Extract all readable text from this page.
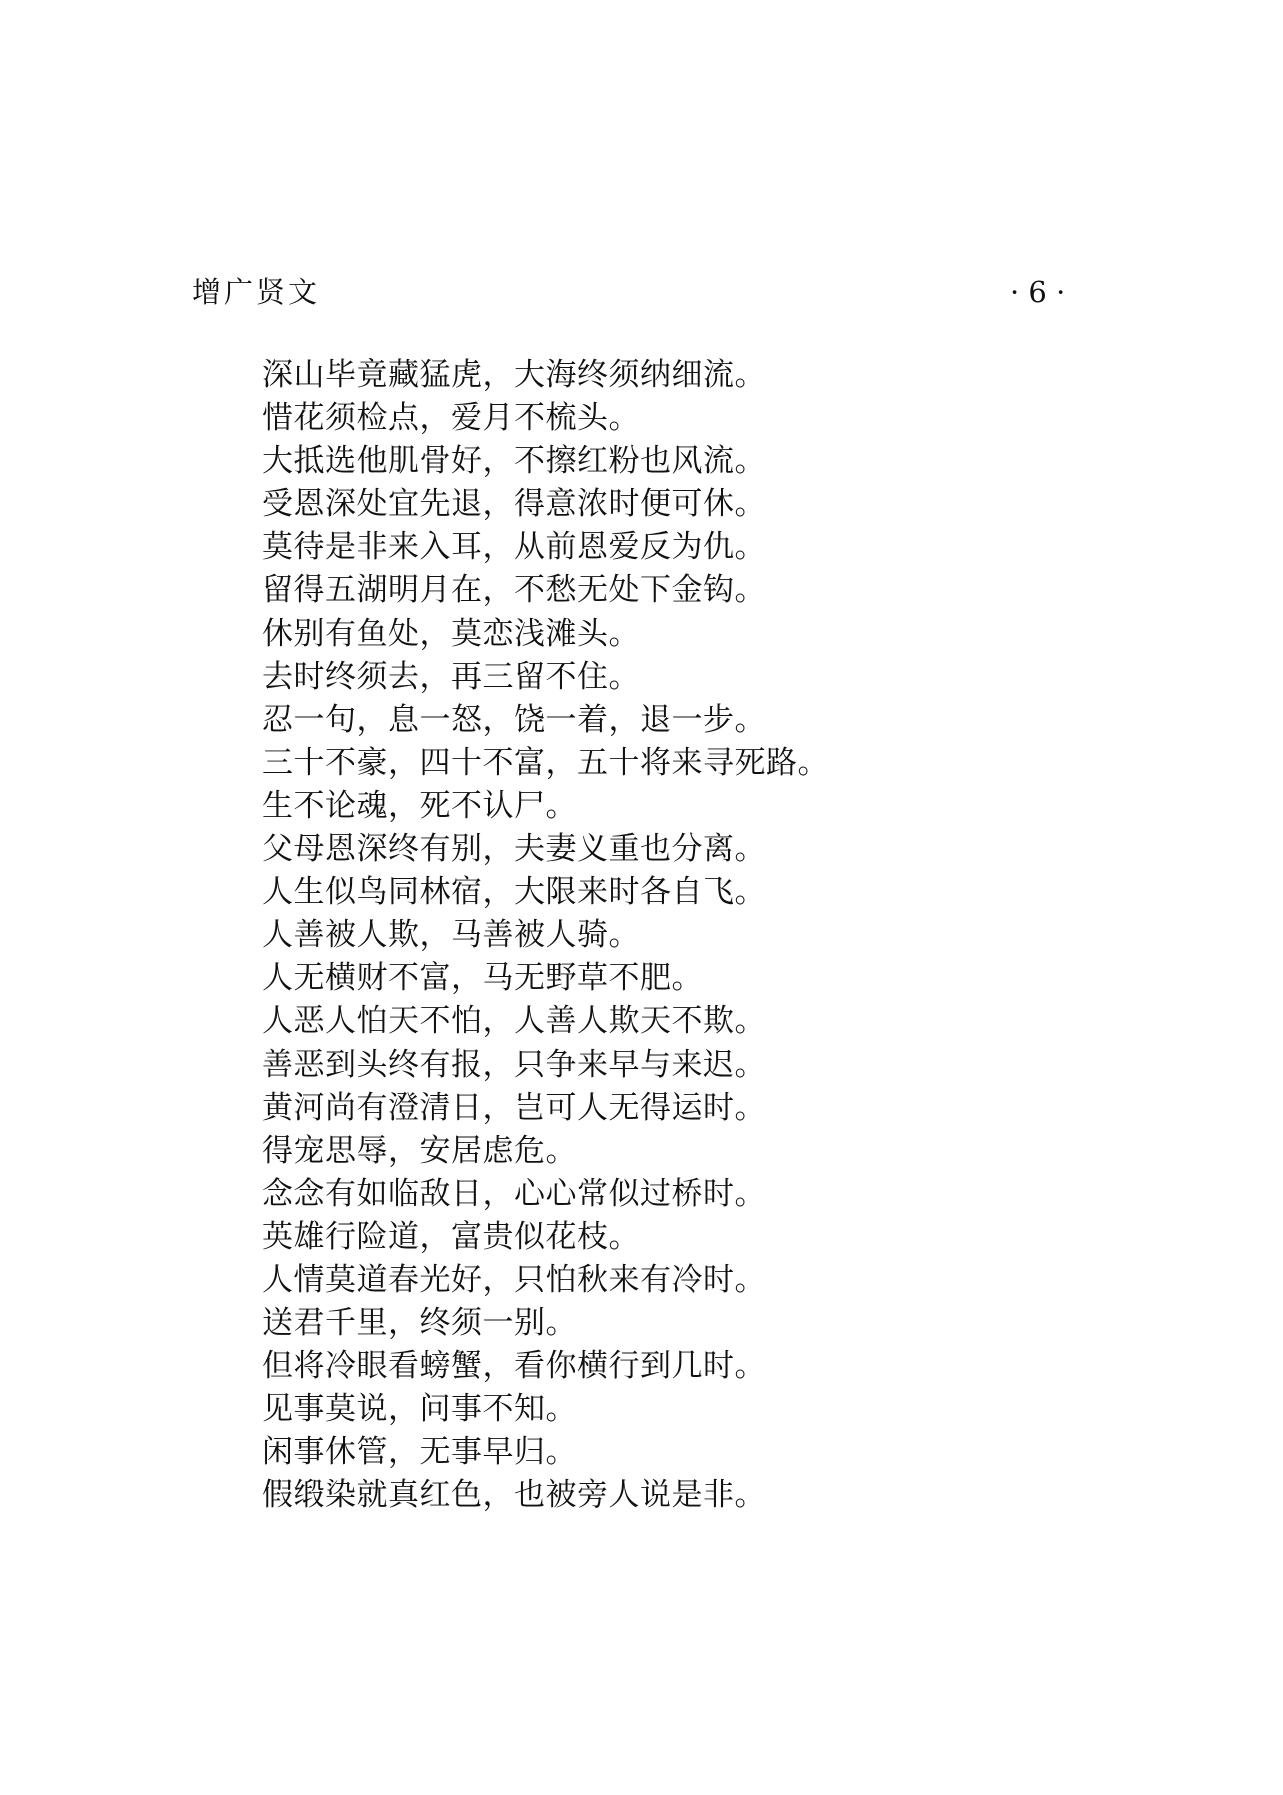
增广贤文	· 6 ·
深山毕竟藏猛虎，大海终须纳细流。
惜花须检点，爱月不梳头。
大抵选他肌骨好，不擦红粉也风流。
受恩深处宜先退，得意浓时便可休。
莫待是非来入耳，从前恩爱反为仇。
留得五湖明月在，不愁无处下金钩。
休别有鱼处，莫恋浅滩头。
去时终须去，再三留不住。
忍一句，息一怒，饶一着，退一步。
三十不豪，四十不富，五十将来寻死路。
生不论魂，死不认尸。
父母恩深终有别，夫妻义重也分离。
人生似鸟同林宿，大限来时各自飞。
人善被人欺，马善被人骑。
人无横财不富，马无野草不肥。
人恶人怕天不怕，人善人欺天不欺。
善恶到头终有报，只争来早与来迟。
黄河尚有澄清日，岂可人无得运时。
得宠思辱，安居虑危。
念念有如临敌日，心心常似过桥时。
英雄行险道，富贵似花枝。
人情莫道春光好，只怕秋来有冷时。
送君千里，终须一别。
但将冷眼看螃蟹，看你横行到几时。
见事莫说，问事不知。
闲事休管，无事早归。
假缎染就真红色，也被旁人说是非。
